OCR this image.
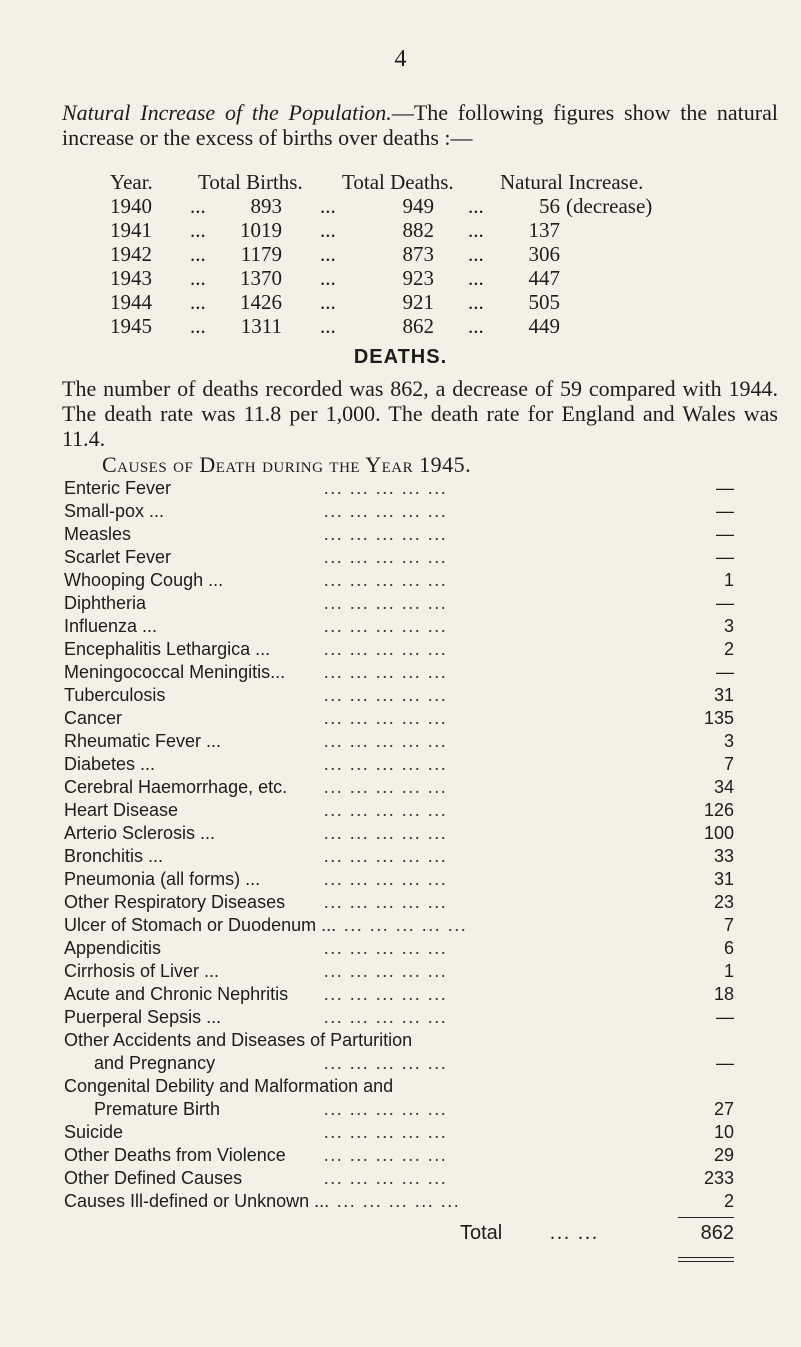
4
Natural Increase of the Population.—The following figures show the natural increase or the excess of births over deaths :—
Year. Total Births. Total Deaths. Natural Increase.
1940 ...	893 ...	949 ...	56 (decrease)
1941 ...	1019 ...	882 ...	137
1942 ...	1179 ...	873 ...	306
1943 ...	1370 ...	923 ...	447
1944 ...	1426 ...	921 ...	505
1945 ...	1311 ...	862 ...	449
DEATHS.
The number of deaths recorded was 862, a decrease of 59 compared with 1944. The death rate was 11.8 per 1,000. The death rate for England and Wales was 11.4.
Causes of Death during the Year 1945.
Enteric Fever	... ... ... ... ...	—
Small-pox ...	... ... ... ... ...	—
Measles	... ... ... ... ...	—
Scarlet Fever	... ... ... ... ...	—
Whooping Cough ...	... ... ... ... ...	1
Diphtheria	... ... ... ... ...	—
Influenza ...	... ... ... ... ...	3
Encephalitis Lethargica ...	... ... ... ... ...	2
Meningococcal Meningitis... ... ... ... ... ...	—
Tuberculosis	... ... ... ... ...	31
Cancer	... ... ... ... ...	135
Rheumatic Fever ...	... ... ... ... ...	3
Diabetes ...	... ... ... ... ...	7
Cerebral Haemorrhage, etc. ... ... ... ... ...	34
Heart Disease	... ... ... ... ...	126
Arterio Sclerosis ...	... ... ... ... ...	100
Bronchitis ...	... ... ... ... ...	33
Pneumonia (all forms) ...	... ... ... ... ...	31
Other Respiratory Diseases ... ... ... ... ...	23
Ulcer of Stomach or Duodenum ... ... ... ... ... ...	7
Appendicitis	... ... ... ... ...	6
Cirrhosis of Liver ...	... ... ... ... ...	1
Acute and Chronic Nephritis ... ... ... ... ...	18
Puerperal Sepsis ...	... ... ... ... ...	—
Other Accidents and Diseases of Parturition
and Pregnancy	... ... ... ... ...	—
Congenital Debility and Malformation and
Premature Birth	... ... ... ... ...	27
Suicide	... ... ... ... ...	10
Other Deaths from Violence ... ... ... ... ...	29
Other Defined Causes	... ... ... ... ...	233
Causes Ill-defined or Unknown ... ... ... ... ... ...	2
Total ... ...	862
